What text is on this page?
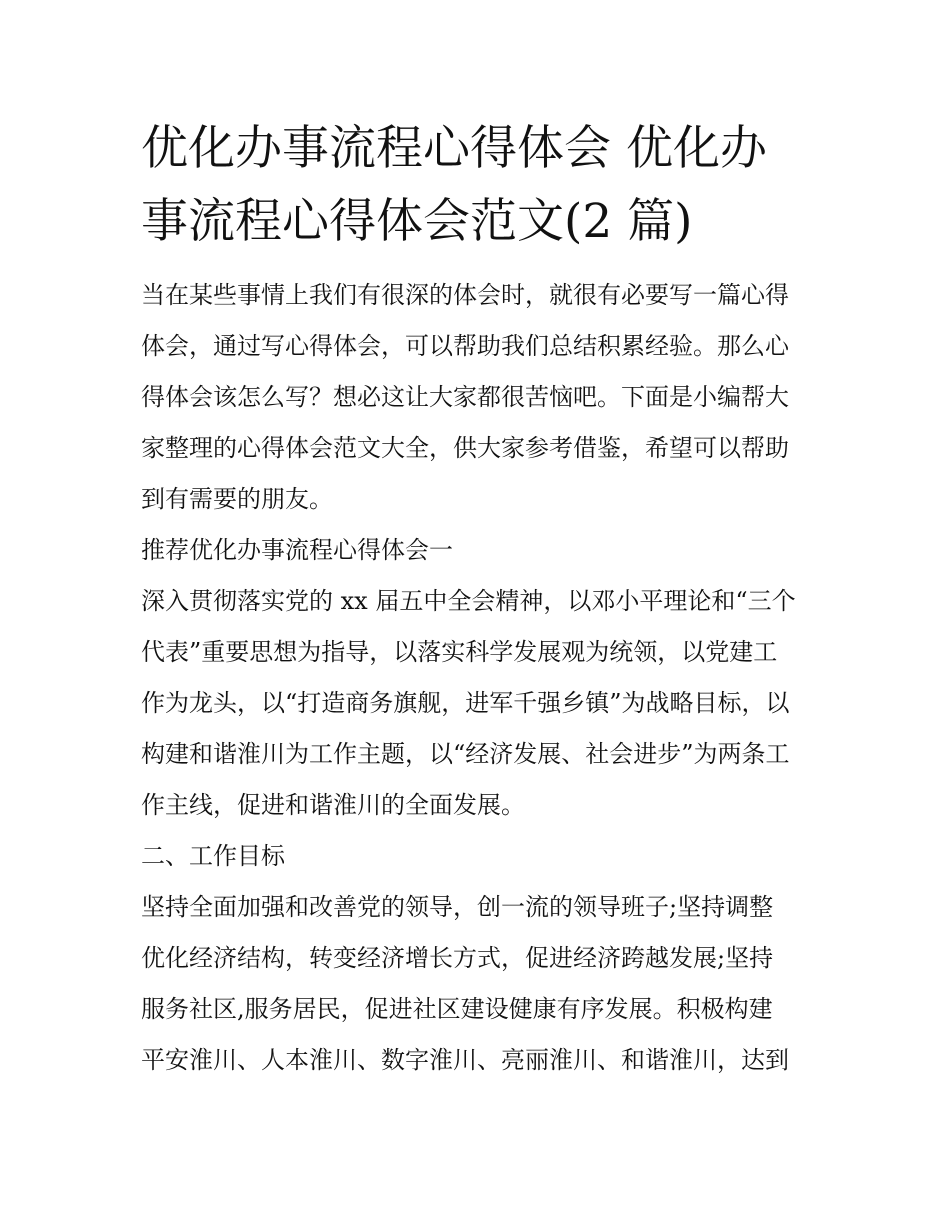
优化办事流程心得体会 优化办
事流程心得体会范文(2 篇)

当在某些事情上我们有很深的体会时，就很有必要写一篇心得
体会，通过写心得体会，可以帮助我们总结积累经验。那么心
得体会该怎么写？想必这让大家都很苦恼吧。下面是小编帮大
家整理的心得体会范文大全，供大家参考借鉴，希望可以帮助
到有需要的朋友。

推荐优化办事流程心得体会一

深入贯彻落实党的 xx 届五中全会精神，以邓小平理论和“三个
代表”重要思想为指导，以落实科学发展观为统领，以党建工
作为龙头，以“打造商务旗舰，进军千强乡镇”为战略目标，以
构建和谐淮川为工作主题，以“经济发展、社会进步”为两条工
作主线，促进和谐淮川的全面发展。

二、工作目标

坚持全面加强和改善党的领导，创一流的领导班子;坚持调整
优化经济结构，转变经济增长方式，促进经济跨越发展;坚持
服务社区,服务居民，促进社区建设健康有序发展。积极构建
平安淮川、人本淮川、数字淮川、亮丽淮川、和谐淮川，达到
